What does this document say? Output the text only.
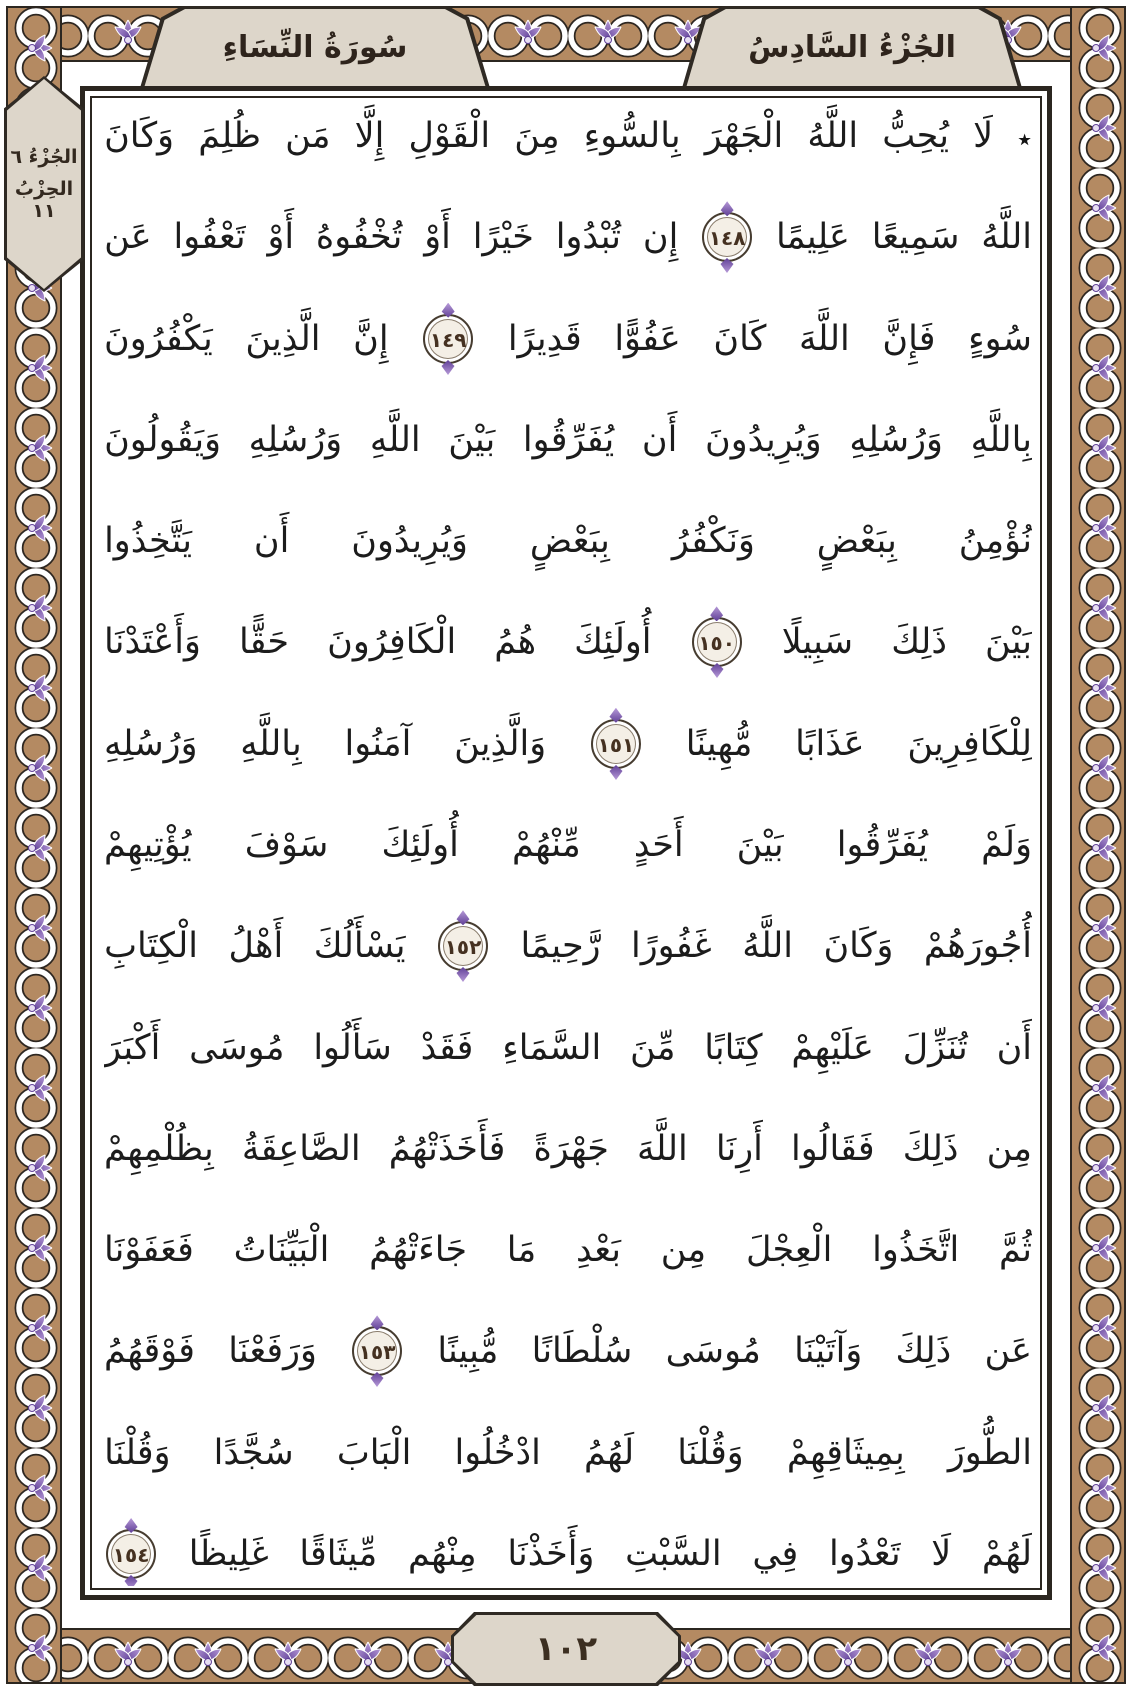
الجُزْءُ السَّادِسُ
سُورَةُ النِّسَاءِ
الجُزْءُ ٦
الحِزْبُ ١١
٭
لَا
يُحِبُّ
اللَّهُ
الْجَهْرَ
بِالسُّوءِ
مِنَ
الْقَوْلِ
إِلَّا
مَن
ظُلِمَ
وَكَانَ
اللَّهُ
سَمِيعًا
عَلِيمًا
١٤٨
إِن
تُبْدُوا
خَيْرًا
أَوْ
تُخْفُوهُ
أَوْ
تَعْفُوا
عَن
سُوءٍ
فَإِنَّ
اللَّهَ
كَانَ
عَفُوًّا
قَدِيرًا
١٤٩
إِنَّ
الَّذِينَ
يَكْفُرُونَ
بِاللَّهِ
وَرُسُلِهِ
وَيُرِيدُونَ
أَن
يُفَرِّقُوا
بَيْنَ
اللَّهِ
وَرُسُلِهِ
وَيَقُولُونَ
نُؤْمِنُ
بِبَعْضٍ
وَنَكْفُرُ
بِبَعْضٍ
وَيُرِيدُونَ
أَن
يَتَّخِذُوا
بَيْنَ
ذَلِكَ
سَبِيلًا
١٥٠
أُولَئِكَ
هُمُ
الْكَافِرُونَ
حَقًّا
وَأَعْتَدْنَا
لِلْكَافِرِينَ
عَذَابًا
مُّهِينًا
١٥١
وَالَّذِينَ
آمَنُوا
بِاللَّهِ
وَرُسُلِهِ
وَلَمْ
يُفَرِّقُوا
بَيْنَ
أَحَدٍ
مِّنْهُمْ
أُولَئِكَ
سَوْفَ
يُؤْتِيهِمْ
أُجُورَهُمْ
وَكَانَ
اللَّهُ
غَفُورًا
رَّحِيمًا
١٥٢
يَسْأَلُكَ
أَهْلُ
الْكِتَابِ
أَن
تُنَزِّلَ
عَلَيْهِمْ
كِتَابًا
مِّنَ
السَّمَاءِ
فَقَدْ
سَأَلُوا
مُوسَى
أَكْبَرَ
مِن
ذَلِكَ
فَقَالُوا
أَرِنَا
اللَّهَ
جَهْرَةً
فَأَخَذَتْهُمُ
الصَّاعِقَةُ
بِظُلْمِهِمْ
ثُمَّ
اتَّخَذُوا
الْعِجْلَ
مِن
بَعْدِ
مَا
جَاءَتْهُمُ
الْبَيِّنَاتُ
فَعَفَوْنَا
عَن
ذَلِكَ
وَآتَيْنَا
مُوسَى
سُلْطَانًا
مُّبِينًا
١٥٣
وَرَفَعْنَا
فَوْقَهُمُ
الطُّورَ
بِمِيثَاقِهِمْ
وَقُلْنَا
لَهُمُ
ادْخُلُوا
الْبَابَ
سُجَّدًا
وَقُلْنَا
لَهُمْ
لَا
تَعْدُوا
فِي
السَّبْتِ
وَأَخَذْنَا
مِنْهُم
مِّيثَاقًا
غَلِيظًا
١٥٤
١٠٢
